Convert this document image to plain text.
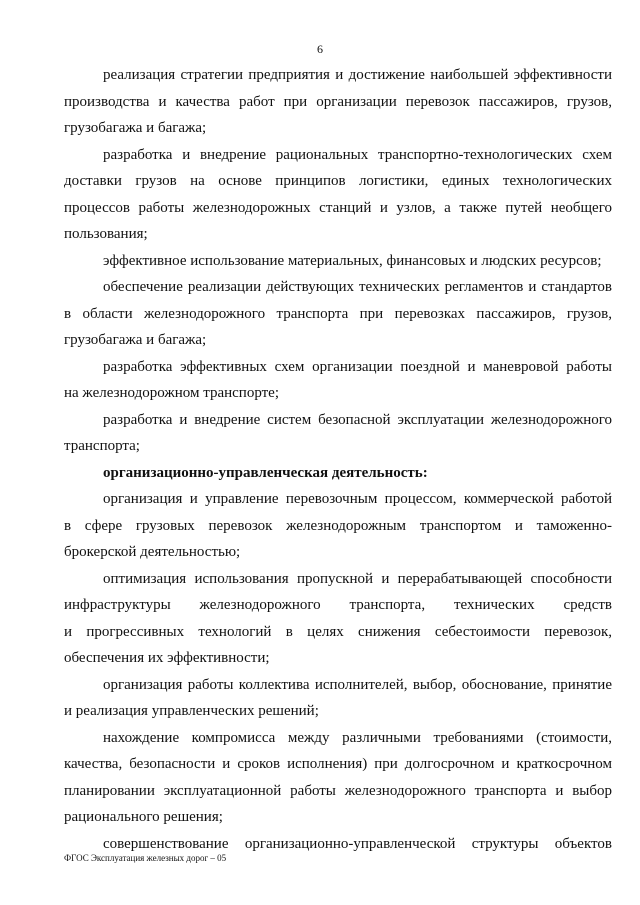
6
реализация стратегии предприятия и достижение наибольшей эффективности
производства и качества работ при организации перевозок пассажиров, грузов,
грузобагажа и багажа;
разработка и внедрение рациональных транспортно-технологических схем
доставки грузов на основе принципов логистики, единых технологических
процессов работы железнодорожных станций и узлов, а также путей необщего
пользования;
эффективное использование материальных, финансовых и людских ресурсов;
обеспечение реализации действующих технических регламентов и стандартов
в области железнодорожного транспорта при перевозках пассажиров, грузов,
грузобагажа и багажа;
разработка эффективных схем организации поездной и маневровой работы
на железнодорожном транспорте;
разработка и внедрение систем безопасной эксплуатации железнодорожного
транспорта;
организационно-управленческая деятельность:
организация и управление перевозочным процессом, коммерческой работой
в сфере грузовых перевозок железнодорожным транспортом и таможенно-
брокерской деятельностью;
оптимизация использования пропускной и перерабатывающей способности
инфраструктуры железнодорожного транспорта, технических средств
и прогрессивных технологий в целях снижения себестоимости перевозок,
обеспечения их эффективности;
организация работы коллектива исполнителей, выбор, обоснование, принятие
и реализация управленческих решений;
нахождение компромисса между различными требованиями (стоимости,
качества, безопасности и сроков исполнения) при долгосрочном и краткосрочном
планировании эксплуатационной работы железнодорожного транспорта и выбор
рационального решения;
совершенствование организационно-управленческой структуры объектов
ФГОС Эксплуатация железных дорог – 05
